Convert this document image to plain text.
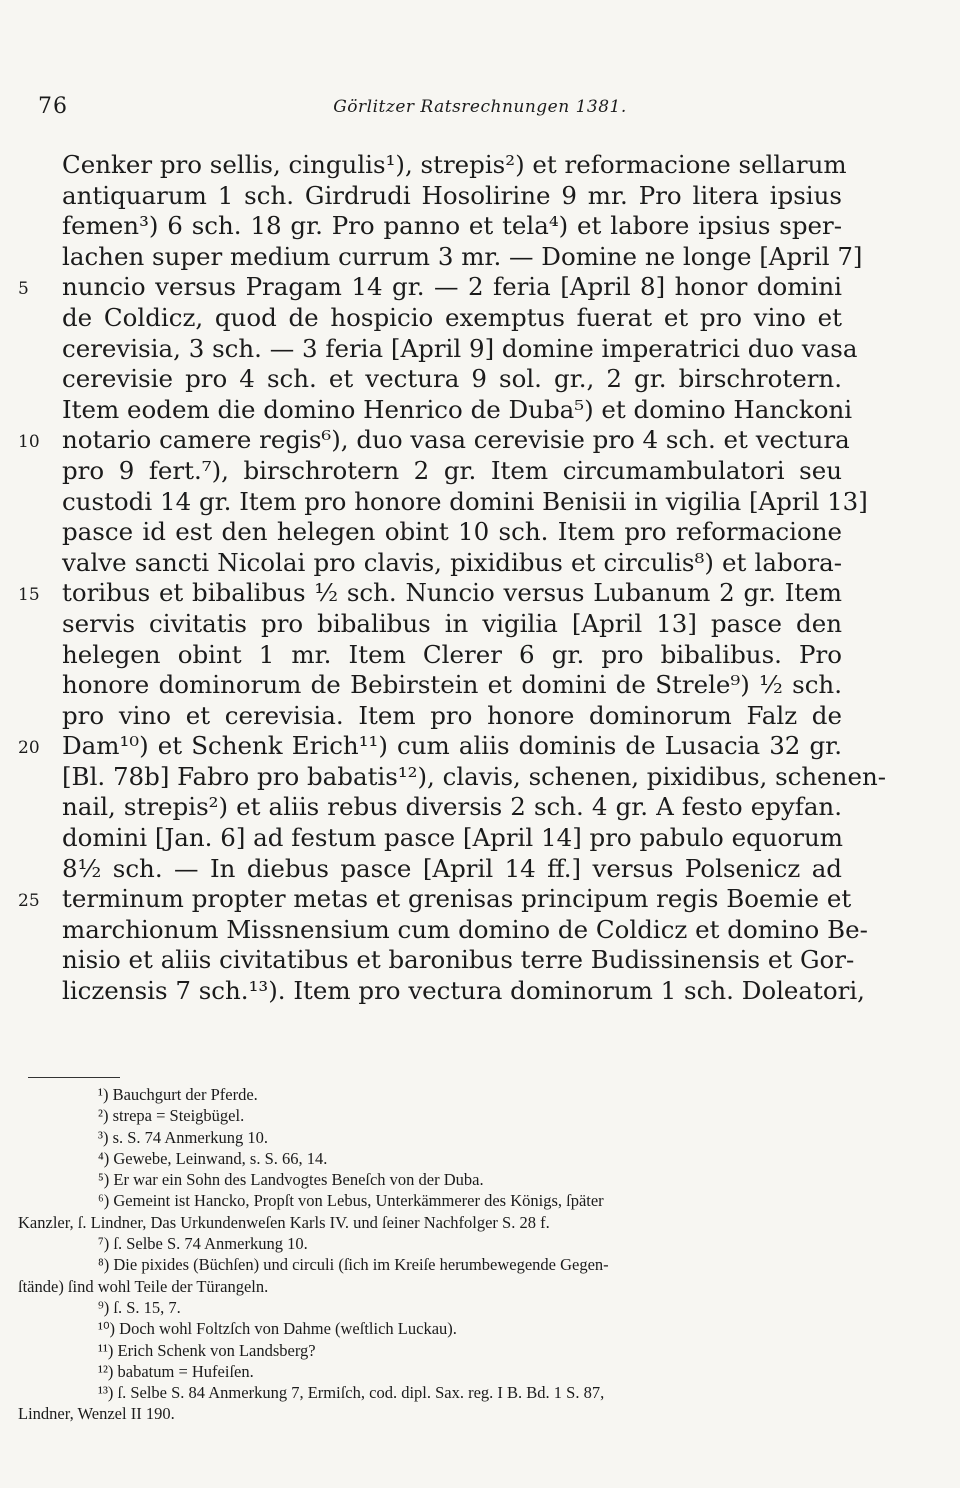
76	Görlitzer Ratsrechnungen 1381.
Cenker pro sellis, cingulis¹), strepis²) et reformacione sellarum
antiquarum 1 sch. Girdrudi Hosolirine 9 mr. Pro litera ipsius
femen³) 6 sch. 18 gr. Pro panno et tela⁴) et labore ipsius sper-
lachen super medium currum 3 mr. — Domine ne longe [April 7]
5	nuncio versus Pragam 14 gr. — 2 feria [April 8] honor domini
de Coldicz, quod de hospicio exemptus fuerat et pro vino et
cerevisia, 3 sch. — 3 feria [April 9] domine imperatrici duo vasa
cerevisie pro 4 sch. et vectura 9 sol. gr., 2 gr. birschrotern.
Item eodem die domino Henrico de Duba⁵) et domino Hanckoni
10 notario camere regis⁶), duo vasa cerevisie pro 4 sch. et vectura
pro 9 fert.⁷), birschrotern 2 gr. Item circumambulatori seu
custodi 14 gr. Item pro honore domini Benisii in vigilia [April 13]
pasce id est den helegen obint 10 sch. Item pro reformacione
valve sancti Nicolai pro clavis, pixidibus et circulis⁸) et labora-
15 toribus et bibalibus ½ sch. Nuncio versus Lubanum 2 gr. Item
servis civitatis pro bibalibus in vigilia [April 13] pasce den
helegen obint 1 mr. Item Clerer 6 gr. pro bibalibus. Pro
honore dominorum de Bebirstein et domini de Strele⁹) ½ sch.
pro vino et cerevisia. Item pro honore dominorum Falz de
20 Dam¹⁰) et Schenk Erich¹¹) cum aliis dominis de Lusacia 32 gr.
[Bl. 78b] Fabro pro babatis¹²), clavis, schenen, pixidibus, schenen-
nail, strepis²) et aliis rebus diversis 2 sch. 4 gr. A festo epyfan.
domini [Jan. 6] ad festum pasce [April 14] pro pabulo equorum
8½ sch. — In diebus pasce [April 14 ff.] versus Polsenicz ad
25 terminum propter metas et grenisas principum regis Boemie et
marchionum Missnensium cum domino de Coldicz et domino Be-
nisio et aliis civitatibus et baronibus terre Budissinensis et Gor-
liczensis 7 sch.¹³). Item pro vectura dominorum 1 sch. Doleatori,
¹) Bauchgurt der Pferde.
²) strepa = Steigbügel.
³) s. S. 74 Anmerkung 10.
⁴) Gewebe, Leinwand, s. S. 66, 14.
⁵) Er war ein Sohn des Landvogtes Beneſch von der Duba.
⁶) Gemeint ist Hancko, Propſt von Lebus, Unterkämmerer des Königs, ſpäter
Kanzler, ſ. Lindner, Das Urkundenweſen Karls IV. und ſeiner Nachfolger S. 28 f.
⁷) ſ. Selbe S. 74 Anmerkung 10.
⁸) Die pixides (Büchſen) und circuli (ſich im Kreiſe herumbewegende Gegen-
ſtände) ſind wohl Teile der Türangeln.
⁹) ſ. S. 15, 7.
¹⁰) Doch wohl Foltzſch von Dahme (weſtlich Luckau).
¹¹) Erich Schenk von Landsberg?
¹²) babatum = Hufeiſen.
¹³) ſ. Selbe S. 84 Anmerkung 7, Ermiſch, cod. dipl. Sax. reg. I B. Bd. 1 S. 87,
Lindner, Wenzel II 190.
